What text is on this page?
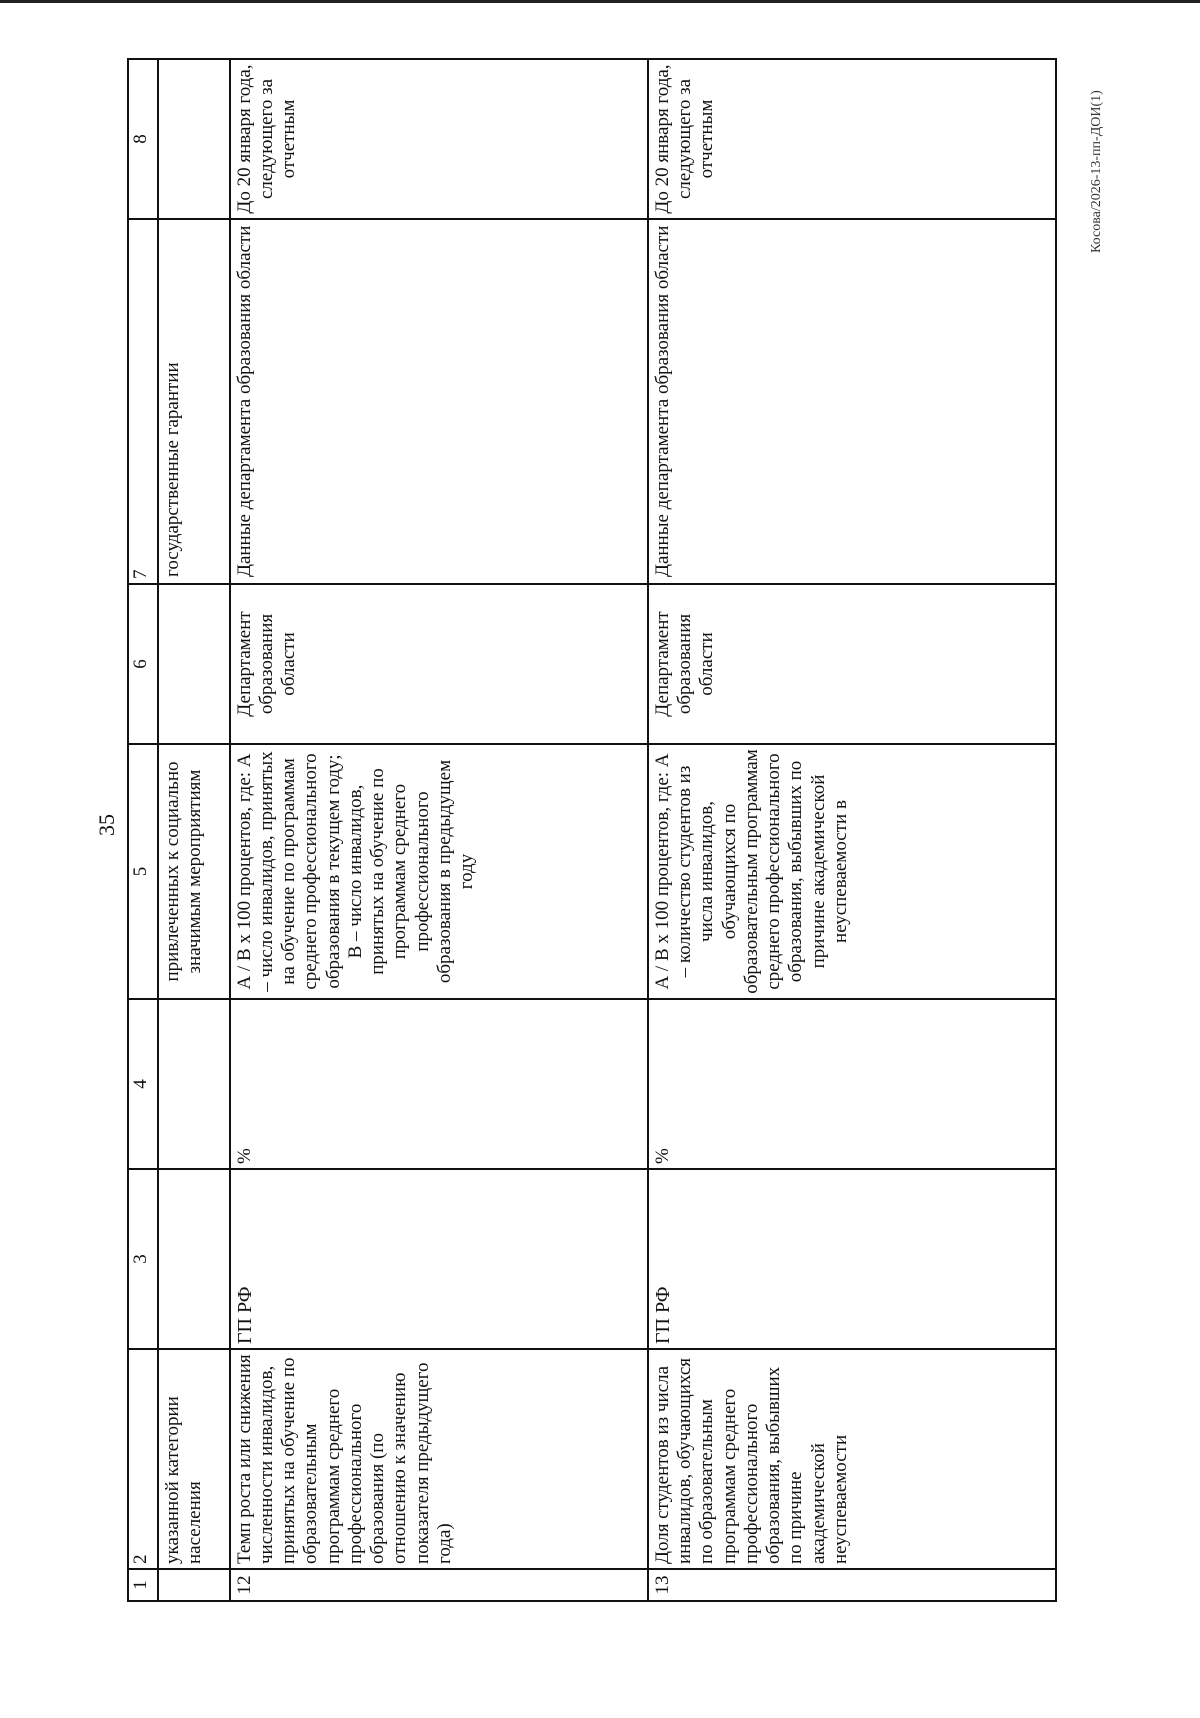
35
Косова/2026-13-пп-ДОИ(1)
1	2	3	4	5	6	7	8
	указанной категории населения			привлеченных к социально значимым мероприятиям		государственные гарантии	
12	Темп роста или снижения численности инвалидов, принятых на обучение по образовательным программам среднего профессионального образования (по отношению к значению показателя предыдущего года)	ГП РФ	%	А / В x 100 процентов, где: А – число инвалидов, принятых на обучение по программам среднего профессионального образования в текущем году; В – число инвалидов, принятых на обучение по программам среднего профессионального образования в предыдущем году	Департамент образования области	Данные департамента образования области	До 20 января года, следующего за отчетным
13	Доля студентов из числа инвалидов, обучающихся по образовательным программам среднего профессионального образования, выбывших по причине академической неуспеваемости	ГП РФ	%	А / В x 100 процентов, где: А – количество студентов из числа инвалидов, обучающихся по образовательным программам среднего профессионального образования, выбывших по причине академической неуспеваемости в	Департамент образования области	Данные департамента образования области	До 20 января года, следующего за отчетным
